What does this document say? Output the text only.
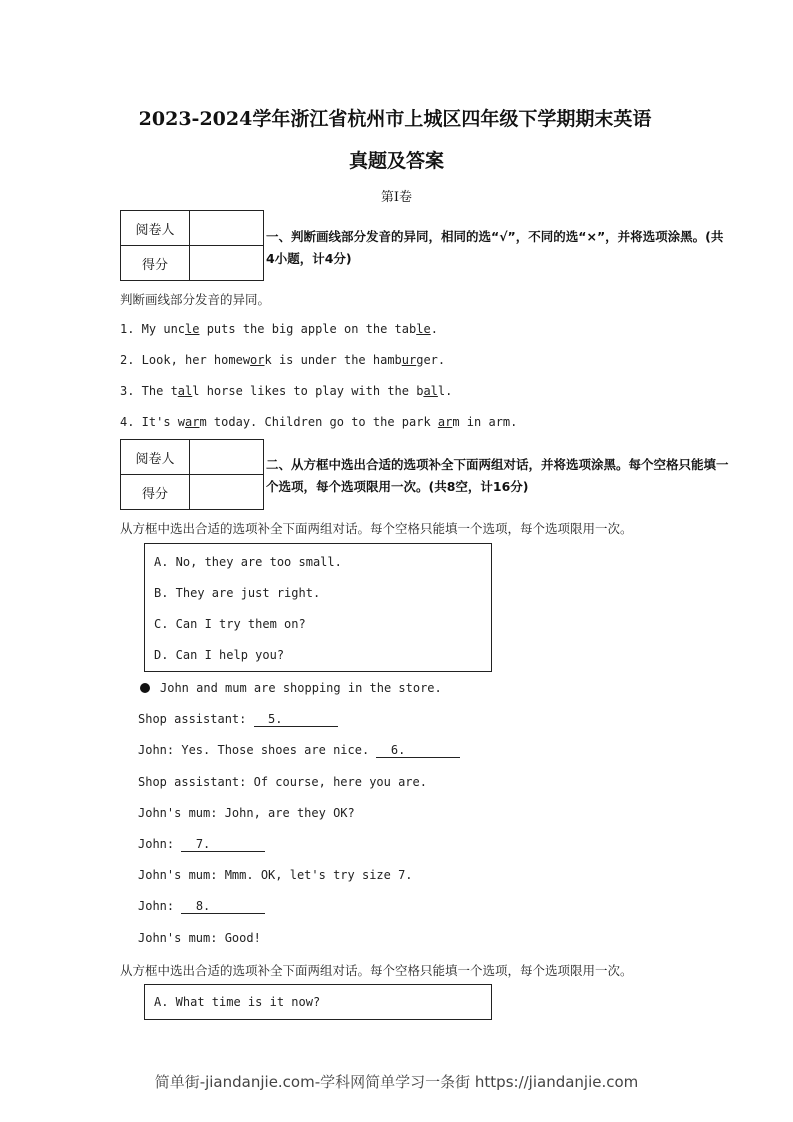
2023-2024学年浙江省杭州市上城区四年级下学期期末英语
真题及答案
第Ⅰ卷
阅卷人	
得分	
一、判断画线部分发音的异同，相同的选“√”，不同的选“×”，并将选项涂黑。(共
4小题，计4分)
判断画线部分发音的异同。
1. My uncle puts the big apple on the table.
2. Look, her homework is under the hamburger.
3. The tall horse likes to play with the ball.
4. It's warm today. Children go to the park arm in arm.
阅卷人	
得分	
二、从方框中选出合适的选项补全下面两组对话，并将选项涂黑。每个空格只能填一
个选项，每个选项限用一次。(共8空，计16分)
从方框中选出合适的选项补全下面两组对话。每个空格只能填一个选项，每个选项限用一次。
A. No, they are too small.
B. They are just right.
C. Can I try them on?
D. Can I help you?
John and mum are shopping in the store.
Shop assistant:   5.
John: Yes. Those shoes are nice.   6.
Shop assistant: Of course, here you are.
John's mum: John, are they OK?
John:   7.
John's mum: Mmm. OK, let's try size 7.
John:   8.
John's mum: Good!
从方框中选出合适的选项补全下面两组对话。每个空格只能填一个选项，每个选项限用一次。
A. What time is it now?
简单街-jiandanjie.com-学科网简单学习一条街 https://jiandanjie.com
